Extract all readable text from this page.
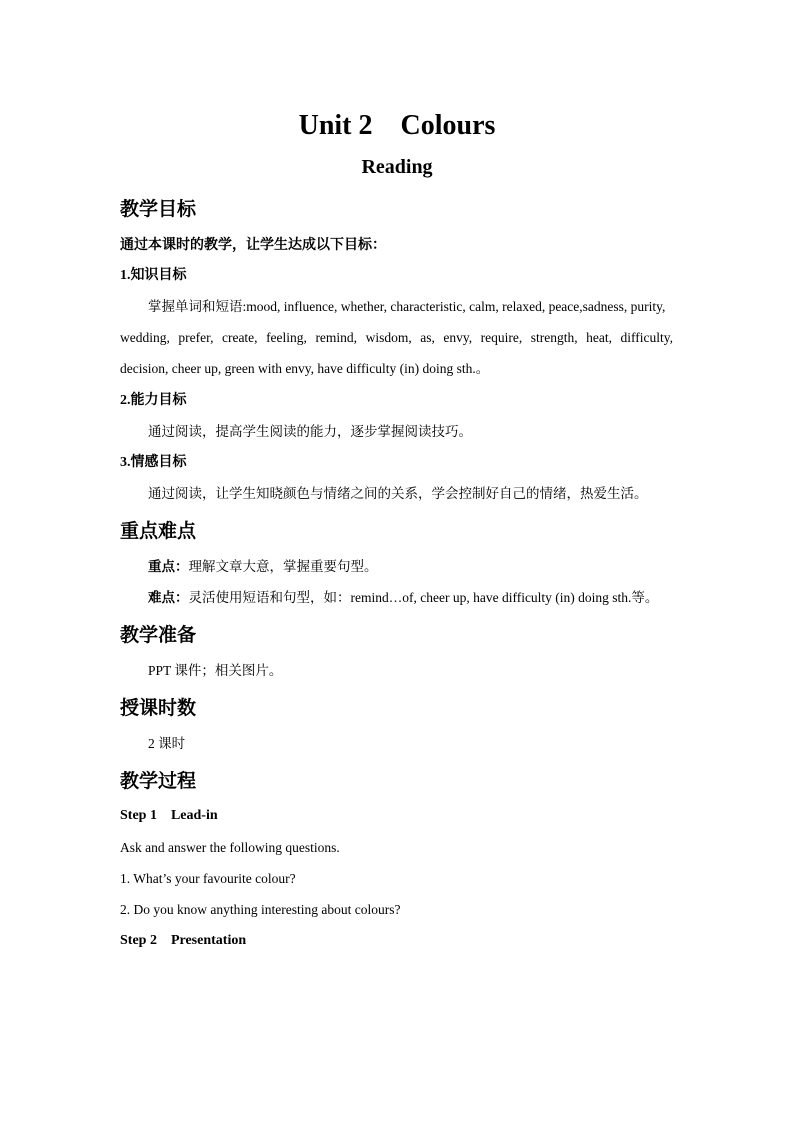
Unit 2    Colours
Reading
教学目标
通过本课时的教学，让学生达成以下目标：
1.知识目标
掌握单词和短语:mood, influence, whether, characteristic, calm, relaxed, peace,sadness, purity,
wedding, prefer, create, feeling, remind, wisdom, as, envy, require, strength, heat, difficulty,
decision, cheer up, green with envy, have difficulty (in) doing sth.。
2.能力目标
通过阅读，提高学生阅读的能力，逐步掌握阅读技巧。
3.情感目标
通过阅读，让学生知晓颜色与情绪之间的关系，学会控制好自己的情绪，热爱生活。
重点难点
重点：理解文章大意，掌握重要句型。
难点：灵活使用短语和句型，如：remind…of, cheer up, have difficulty (in) doing sth.等。
教学准备
PPT 课件；相关图片。
授课时数
2 课时
教学过程
Step 1    Lead-in
Ask and answer the following questions.
1. What’s your favourite colour?
2. Do you know anything interesting about colours?
Step 2    Presentation
